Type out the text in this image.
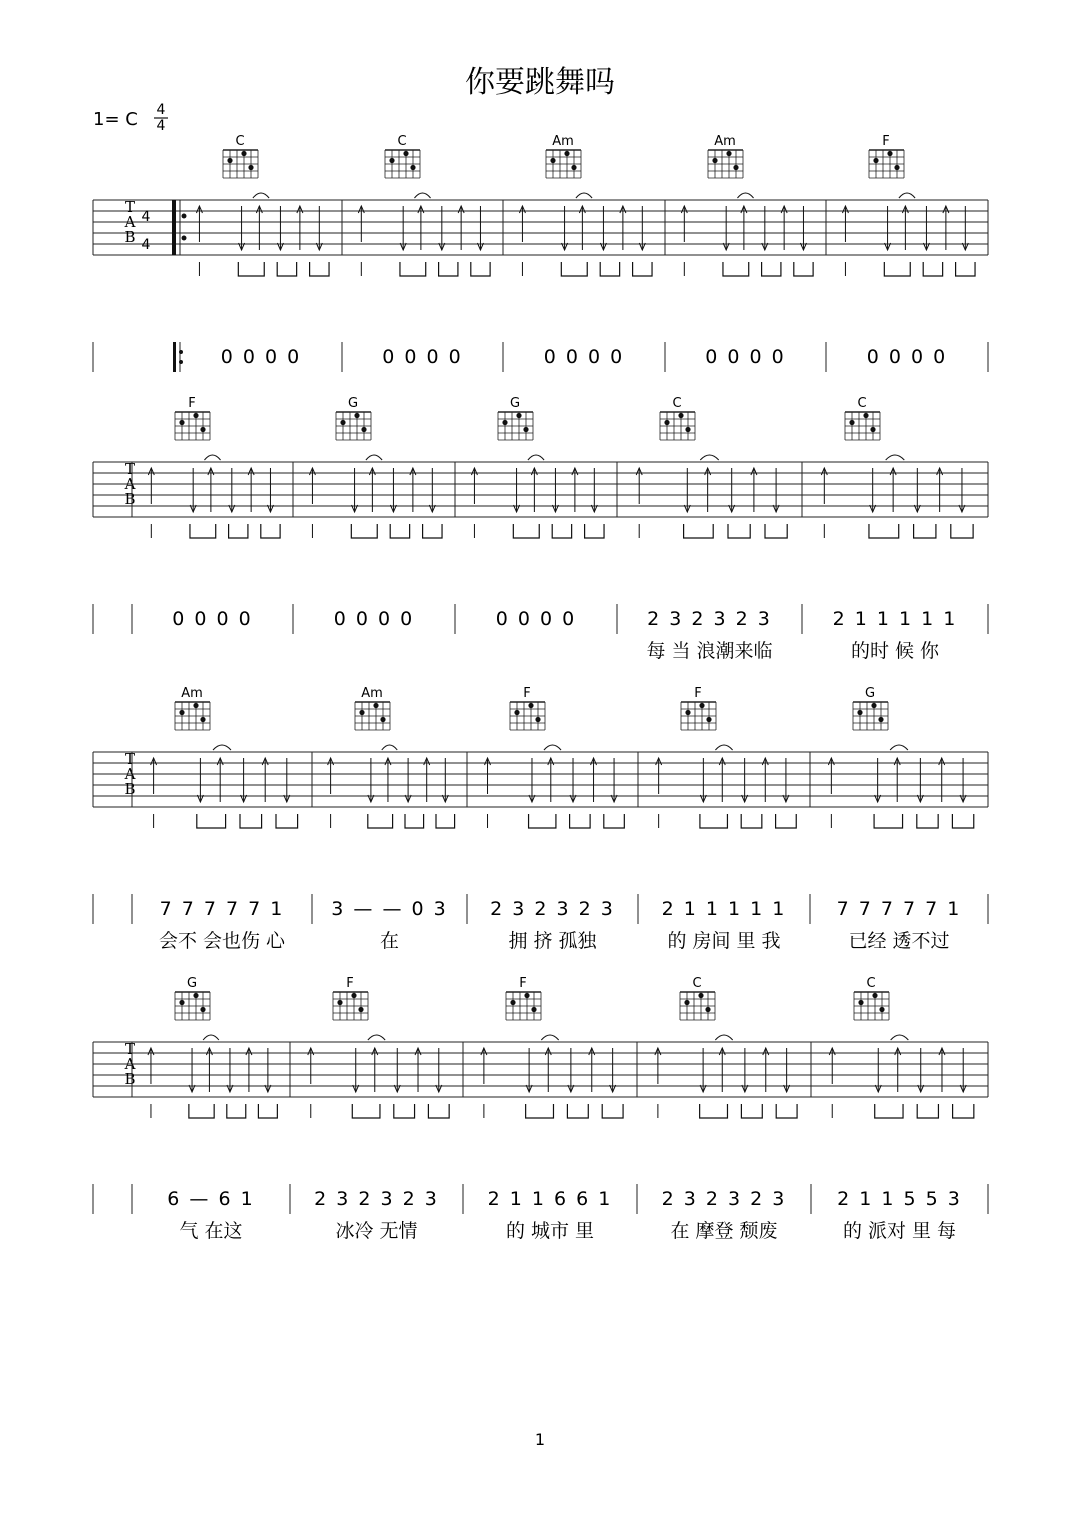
你要跳舞吗
1= C 4
4
T
A
B
4
4
C
0 0 0 0
C
0 0 0 0
Am
0 0 0 0
Am
0 0 0 0
F
0 0 0 0
T
A
B
F
0 0 0 0
G
0 0 0 0
G
0 0 0 0
C
2 3 2 3 2 3
每 当 浪潮来临
C
2 1 1 1 1 1
的时 候 你
T
A
B
Am
7 7 7 7 7 1
会不 会也伤 心
Am
3 — — 0 3
在
F
2 3 2 3 2 3
拥 挤 孤独
F
2 1 1 1 1 1
的 房间 里 我
G
7 7 7 7 7 1
已经 透不过
T
A
B
G
6 — 6 1
气 在这
F
2 3 2 3 2 3
冰冷 无情
F
2 1 1 6 6 1
的 城市 里
C
2 3 2 3 2 3
在 摩登 颓废
C
2 1 1 5 5 3
的 派对 里 每
1
